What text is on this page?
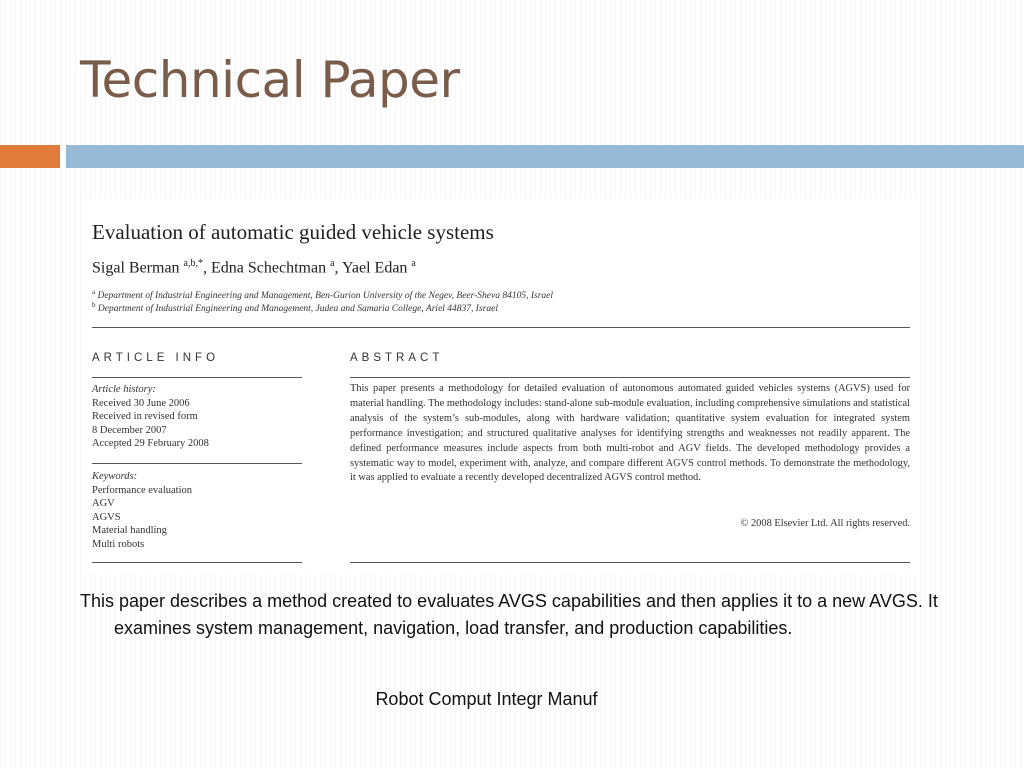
Technical Paper
Evaluation of automatic guided vehicle systems
Sigal Berman $^{a,b,*}$, Edna Schechtman $^a$, Yael Edan $^a$
$^a$ Department of Industrial Engineering and Management, Ben-Gurion University of the Negev, Beer-Sheva 84105, Israel
$^b$ Department of Industrial Engineering and Management, Judea and Samaria College, Ariel 44837, Israel
ARTICLE INFO	ABSTRACT
Article history:
Received 30 June 2006
Received in revised form
8 December 2007
Accepted 29 February 2008
Keywords:
Performance evaluation
AGV
AGVS
Material handling
Multi robots

This paper presents a methodology for detailed evaluation of autonomous automated guided vehicles systems (AGVS) used for material handling. The methodology includes: stand-alone sub-module evaluation, including comprehensive simulations and statistical analysis of the system’s sub-modules, along with hardware validation; quantitative system evaluation for integrated system performance investigation; and structured qualitative analyses for identifying strengths and weaknesses not readily apparent. The defined performance measures include aspects from both multi-robot and AGV fields. The developed methodology provides a systematic way to model, experiment with, analyze, and compare different AGVS control methods. To demonstrate the methodology, it was applied to evaluate a recently developed decentralized AGVS control method.

© 2008 Elsevier Ltd. All rights reserved.

This paper describes a method created to evaluates AVGS capabilities and then applies it to a new AVGS. It examines system management, navigation, load transfer, and production capabilities.

Robot Comput Integr Manuf
